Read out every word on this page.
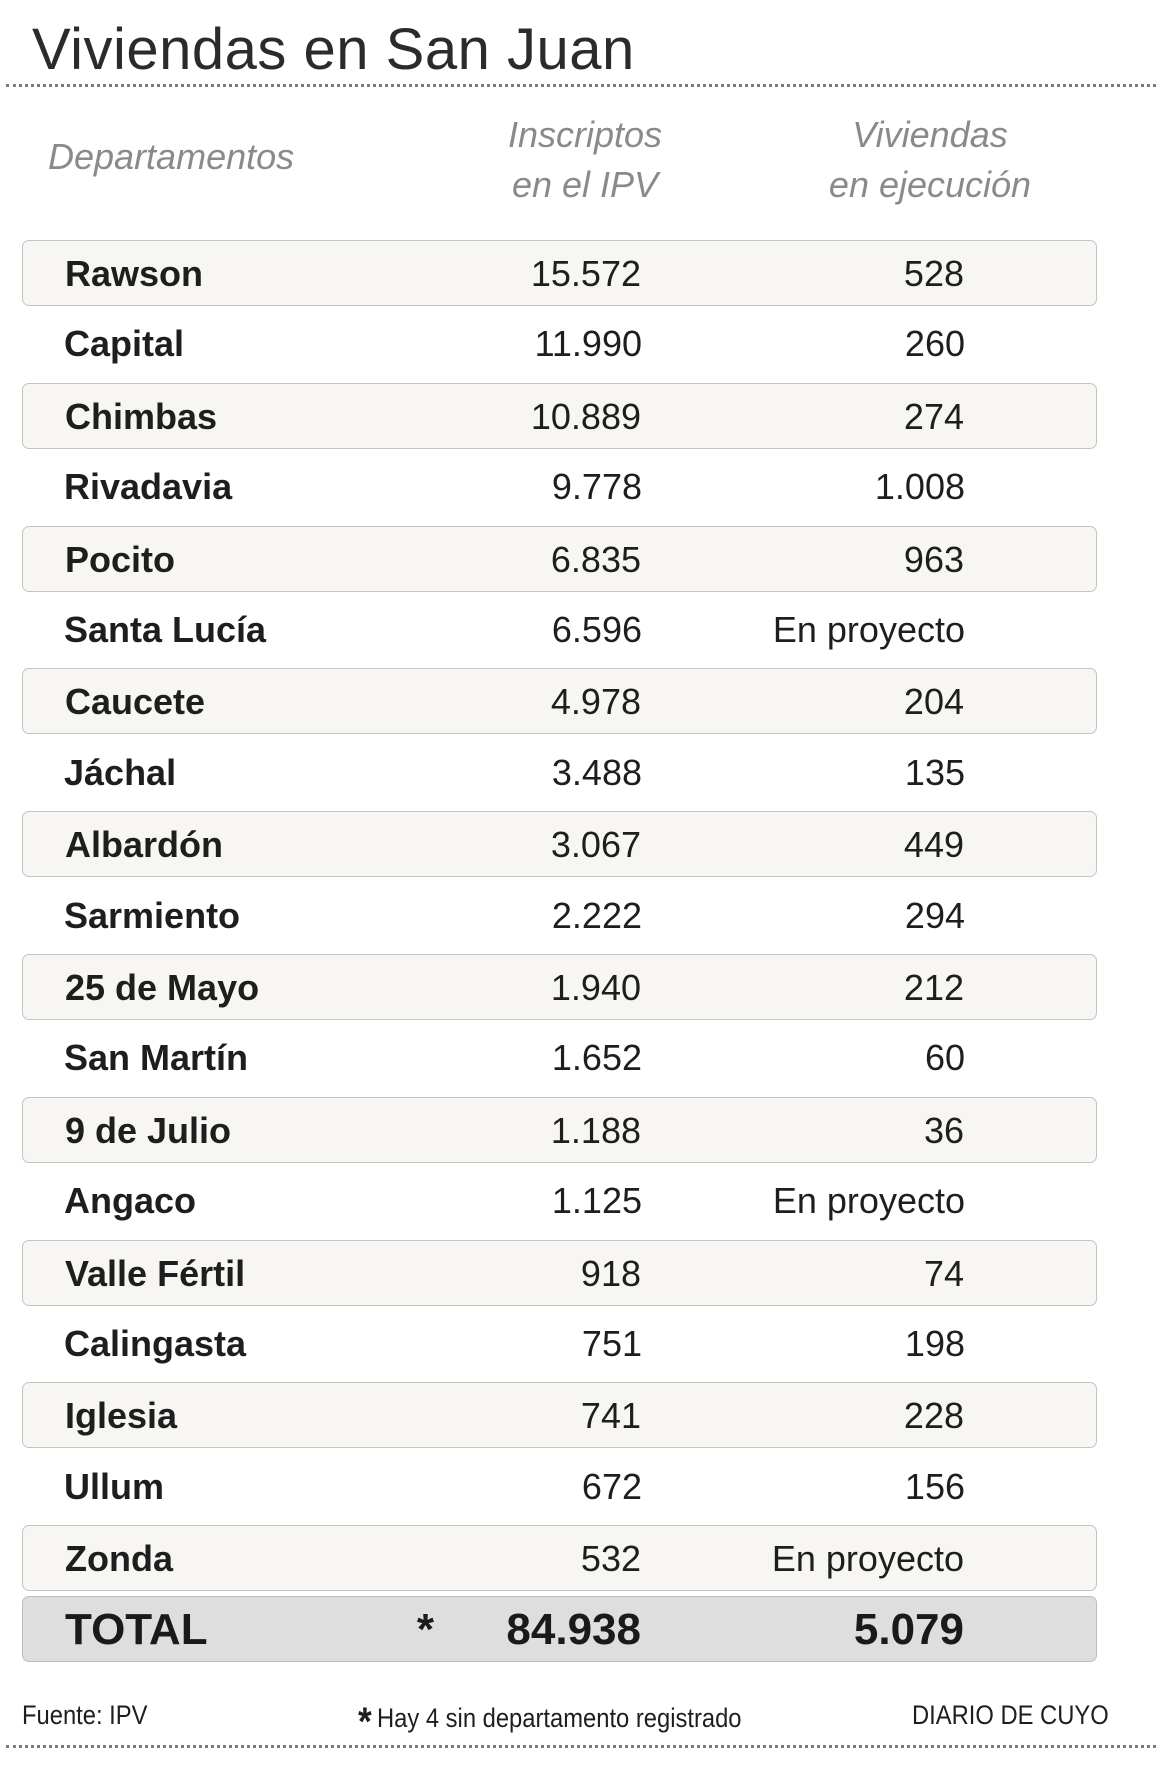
Viviendas en San Juan
Departamentos
Inscriptos
en el IPV
Viviendas
en ejecución
Rawson	15.572	528
Capital	11.990	260
Chimbas	10.889	274
Rivadavia	9.778	1.008
Pocito	6.835	963
Santa Lucía	6.596	En proyecto
Caucete	4.978	204
Jáchal	3.488	135
Albardón	3.067	449
Sarmiento	2.222	294
25 de Mayo	1.940	212
San Martín	1.652	60
9 de Julio	1.188	36
Angaco	1.125	En proyecto
Valle Fértil	918	74
Calingasta	751	198
Iglesia	741	228
Ullum	672	156
Zonda	532	En proyecto
TOTAL	* 84.938	5.079
Fuente: IPV	* Hay 4 sin departamento registrado	DIARIO DE CUYO
